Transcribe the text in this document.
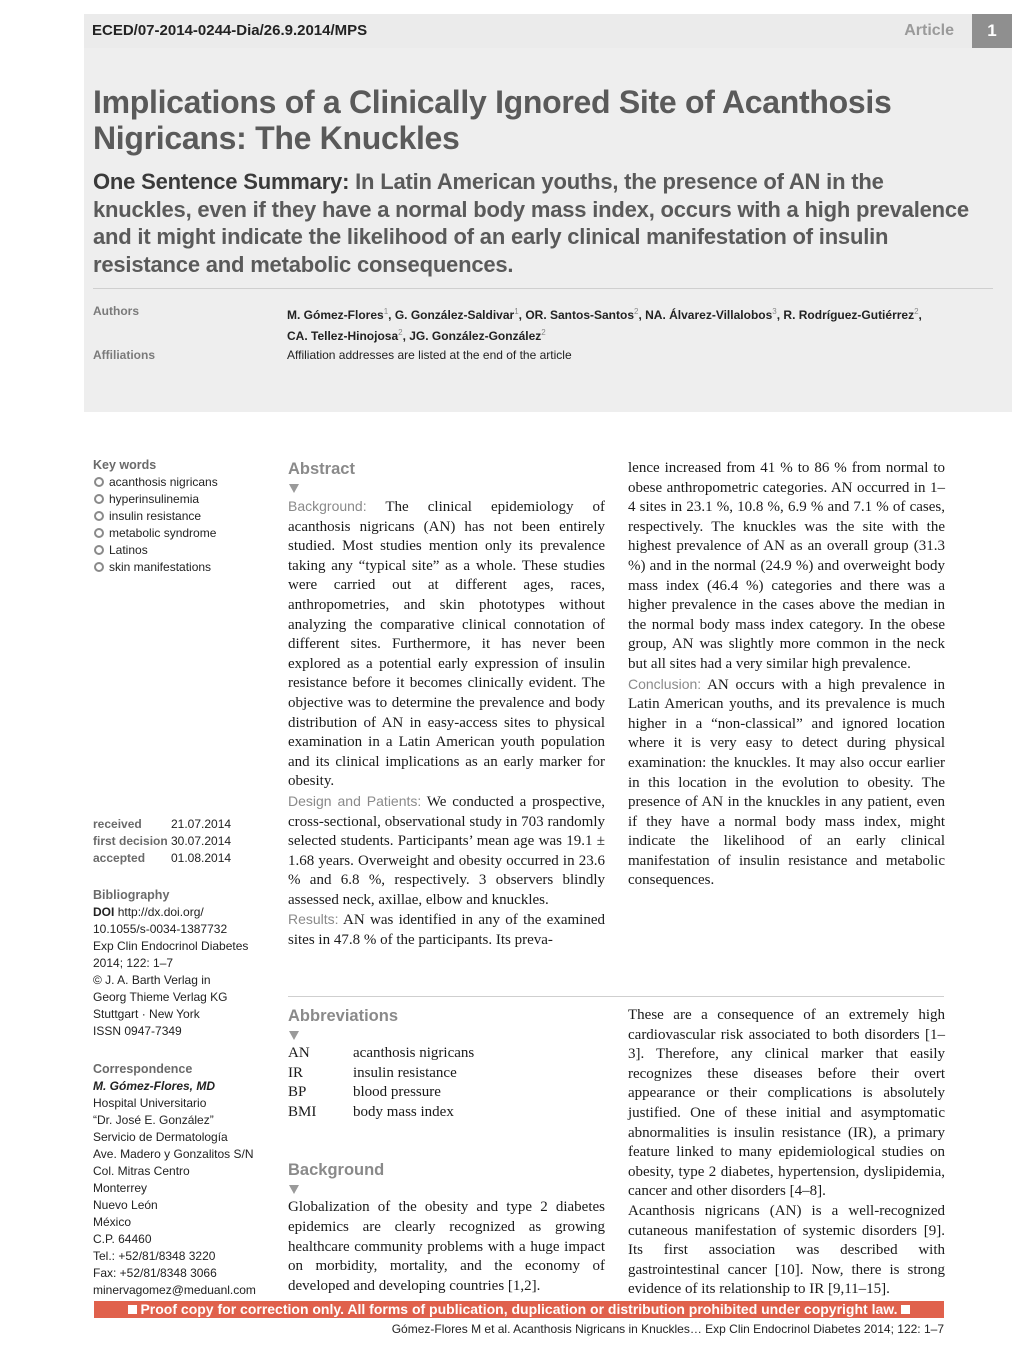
ECED/07-2014-0244-Dia/26.9.2014/MPS	Article	1
Implications of a Clinically Ignored Site of Acanthosis Nigricans: The Knuckles
One Sentence Summary: In Latin American youths, the presence of AN in the knuckles, even if they have a normal body mass index, occurs with a high prevalence and it might indicate the likelihood of an early clinical manifestation of insulin resistance and metabolic consequences.
Authors	M. Gómez-Flores$^1$, G. González-Saldivar$^1$, OR. Santos-Santos$^2$, NA. Álvarez-Villalobos$^3$, R. Rodríguez-Gutiérrez$^2$,
CA. Tellez-Hinojosa$^2$, JG. González-González$^2$
Affiliations	Affiliation addresses are listed at the end of the article
Key words
acanthosis nigricans
hyperinsulinemia
insulin resistance
metabolic syndrome
Latinos
skin manifestations
received	21.07.2014
first decision 30.07.2014
accepted	01.08.2014
Bibliography
DOI http://dx.doi.org/
10.1055/s-0034-1387732
Exp Clin Endocrinol Diabetes
2014; 122: 1–7
© J. A. Barth Verlag in
Georg Thieme Verlag KG
Stuttgart · New York
ISSN 0947-7349
Correspondence
M. Gómez-Flores, MD
Hospital Universitario
“Dr. José E. González”
Servicio de Dermatología
Ave. Madero y Gonzalitos S/N
Col. Mitras Centro
Monterrey
Nuevo León
México
C.P. 64460
Tel.: +52/81/8348 3220
Fax: +52/81/8348 3066
minervagomez@meduanl.com
Abstract

Background: The clinical epidemiology of acanthosis nigricans (AN) has not been entirely studied. Most studies mention only its prevalence taking any “typical site” as a whole. These studies were carried out at different ages, races, anthropometries, and skin phototypes without analyzing the comparative clinical connotation of different sites. Furthermore, it has never been explored as a potential early expression of insulin resistance before it becomes clinically evident. The objective was to determine the prevalence and body distribution of AN in easy-access sites to physical examination in a Latin American youth population and its clinical implications as an early marker for obesity.

Design and Patients: We conducted a prospective, cross-sectional, observational study in 703 randomly selected students. Participants’ mean age was 19.1 ± 1.68 years. Overweight and obesity occurred in 23.6 % and 6.8 %, respectively. 3 observers blindly assessed neck, axillae, elbow and knuckles.

Results: AN was identified in any of the examined sites in 47.8 % of the participants. Its preva-

lence increased from 41 % to 86 % from normal to obese anthropometric categories. AN occurred in 1–4 sites in 23.1 %, 10.8 %, 6.9 % and 7.1 % of cases, respectively. The knuckles was the site with the highest prevalence of AN as an overall group (31.3 %) and in the normal (24.9 %) and overweight body mass index (46.4 %) categories and there was a higher prevalence in the cases above the median in the normal body mass index category. In the obese group, AN was slightly more common in the neck but all sites had a very similar high prevalence.

Conclusion: AN occurs with a high prevalence in Latin American youths, and its prevalence is much higher in a “non-classical” and ignored location where it is very easy to detect during physical examination: the knuckles. It may also occur earlier in this location in the evolution to obesity. The presence of AN in the knuckles in any patient, even if they have a normal body mass index, might indicate the likelihood of an early clinical manifestation of insulin resistance and metabolic consequences.

Abbreviations
AN	acanthosis nigricans
IR	insulin resistance
BP	blood pressure
BMI	body mass index
Background

Globalization of the obesity and type 2 diabetes epidemics are clearly recognized as growing healthcare community problems with a huge impact on morbidity, mortality, and the economy of developed and developing countries [1,2].

These are a consequence of an extremely high cardiovascular risk associated to both disorders [1–3]. Therefore, any clinical marker that easily recognizes these diseases before their overt appearance or their complications is absolutely justified. One of these initial and asymptomatic abnormalities is insulin resistance (IR), a primary feature linked to many epidemiological studies on obesity, type 2 diabetes, hypertension, dyslipidemia, cancer and other disorders [4–8].

Acanthosis nigricans (AN) is a well-recognized cutaneous manifestation of systemic disorders [9]. Its first association was described with gastrointestinal cancer [10]. Now, there is strong evidence of its relationship to IR [9,11–15].

Proof copy for correction only. All forms of publication, duplication or distribution prohibited under copyright law.
Gómez-Flores M et al. Acanthosis Nigricans in Knuckles… Exp Clin Endocrinol Diabetes 2014; 122: 1–7
